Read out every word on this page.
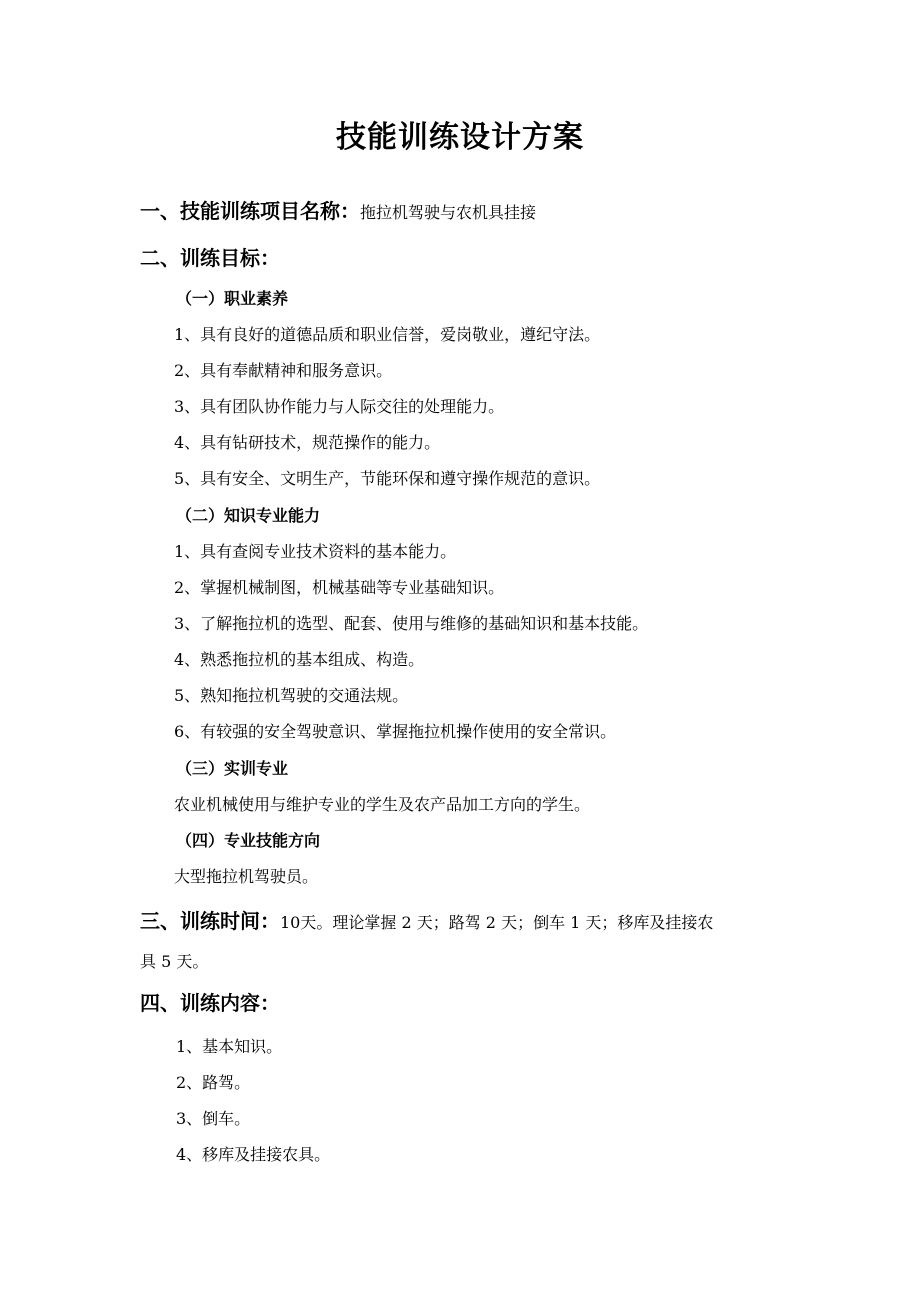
技能训练设计方案
一、技能训练项目名称：拖拉机驾驶与农机具挂接
二、训练目标：
（一）职业素养
1、具有良好的道德品质和职业信誉，爱岗敬业，遵纪守法。
2、具有奉献精神和服务意识。
3、具有团队协作能力与人际交往的处理能力。
4、具有钻研技术，规范操作的能力。
5、具有安全、文明生产，节能环保和遵守操作规范的意识。
（二）知识专业能力
1、具有查阅专业技术资料的基本能力。
2、掌握机械制图，机械基础等专业基础知识。
3、了解拖拉机的选型、配套、使用与维修的基础知识和基本技能。
4、熟悉拖拉机的基本组成、构造。
5、熟知拖拉机驾驶的交通法规。
6、有较强的安全驾驶意识、掌握拖拉机操作使用的安全常识。
（三）实训专业
农业机械使用与维护专业的学生及农产品加工方向的学生。
（四）专业技能方向
大型拖拉机驾驶员。
三、训练时间：10天。理论掌握 2 天；路驾 2 天；倒车 1 天；移库及挂接农
具 5 天。
四、训练内容：
1、基本知识。
2、路驾。
3、倒车。
4、移库及挂接农具。
